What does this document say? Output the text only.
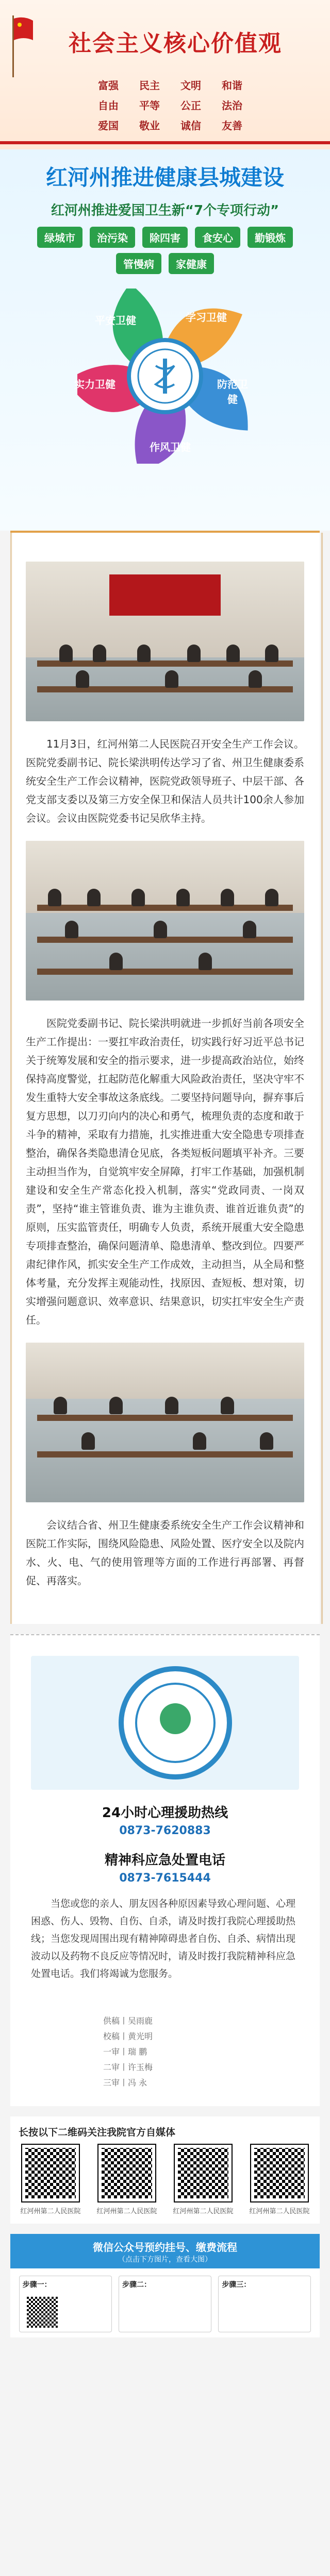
社会主义核心价值观
富强	民主	文明	和谐
自由	平等	公正	法治
爱国	敬业	诚信	友善
红河州推进健康县城建设
红河州推进爱国卫生新“7个专项行动”
绿城市	治污染	除四害	食安心	勤锻炼
管慢病	家健康
学习卫健
防范卫健
作风卫健
实力卫健
平安卫健

11月3日，红河州第二人民医院召开安全生产工作会议。医院党委副书记、院长梁洪明传达学习了省、州卫生健康委系统安全生产工作会议精神，医院党政领导班子、中层干部、各党支部支委以及第三方安全保卫和保洁人员共计100余人参加会议。会议由医院党委书记吴欣华主持。

医院党委副书记、院长梁洪明就进一步抓好当前各项安全生产工作提出：一要扛牢政治责任，切实践行好习近平总书记关于统筹发展和安全的指示要求，进一步提高政治站位，始终保持高度警觉，扛起防范化解重大风险政治责任，坚决守牢不发生重特大安全事故这条底线。二要坚持问题导向，摒弃事后复方思想，以刀刃向内的决心和勇气，梳理负责的态度和敢于斗争的精神，采取有力措施，扎实推进重大安全隐患专项排查整治，确保各类隐患清仓见底，各类短板问题填平补齐。三要主动担当作为，自觉筑牢安全屏障，打牢工作基础，加强机制建设和安全生产常态化投入机制，落实“党政同责、一岗双责”，坚持“谁主管谁负责、谁为主谁负责、谁首近谁负责”的原则，压实监管责任，明确专人负责，系统开展重大安全隐患专项排查整治，确保问题清单、隐患清单、整改到位。四要严肃纪律作风，抓实安全生产工作成效，主动担当，从全局和整体考量，充分发挥主观能动性，找原因、查短板、想对策，切实增强问题意识、效率意识、结果意识，切实扛牢安全生产责任。

会议结合省、州卫生健康委系统安全生产工作会议精神和医院工作实际，围绕风险隐患、风险处置、医疗安全以及院内水、火、电、气的使用管理等方面的工作进行再部署、再督促、再落实。

24小时心理援助热线
0873-7620883
精神科应急处置电话
0873-7615444

当您或您的亲人、朋友因各种原因素导致心理问题、心理困惑、伤人、毁物、自伤、自杀，请及时拨打我院心理援助热线；当您发现周围出现有精神障碍患者自伤、自杀、病情出现波动以及药物不良反应等情况时，请及时拨打我院精神科应急处置电话。我们将竭诚为您服务。

供稿丨吴雨鹿
校稿丨黄光明
一审丨瑞 鹏
二审丨许玉梅
三审丨冯 永
长按以下二维码关注我院官方自媒体
红河州第二人民医院 红河州第二人民医院 红河州第二人民医院 红河州第二人民医院
微信公众号预约挂号、缴费流程
（点击下方图片，查看大图）
步骤一：	步骤二：	步骤三：
